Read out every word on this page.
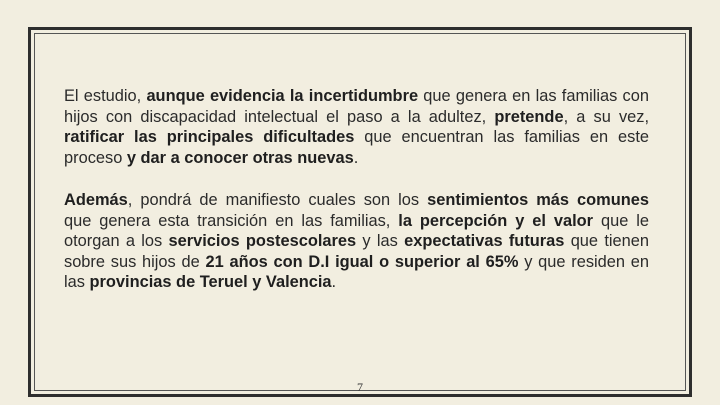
El estudio, aunque evidencia la incertidumbre que genera en las familias con hijos con discapacidad intelectual el paso a la adultez, pretende, a su vez, ratificar las principales dificultades que encuentran las familias en este proceso y dar a conocer otras nuevas.

Además, pondrá de manifiesto cuales son los sentimientos más comunes que genera esta transición en las familias, la percepción y el valor que le otorgan a los servicios postescolares y las expectativas futuras que tienen sobre sus hijos de 21 años con D.I igual o superior al 65% y que residen en las provincias de Teruel y Valencia.

7
